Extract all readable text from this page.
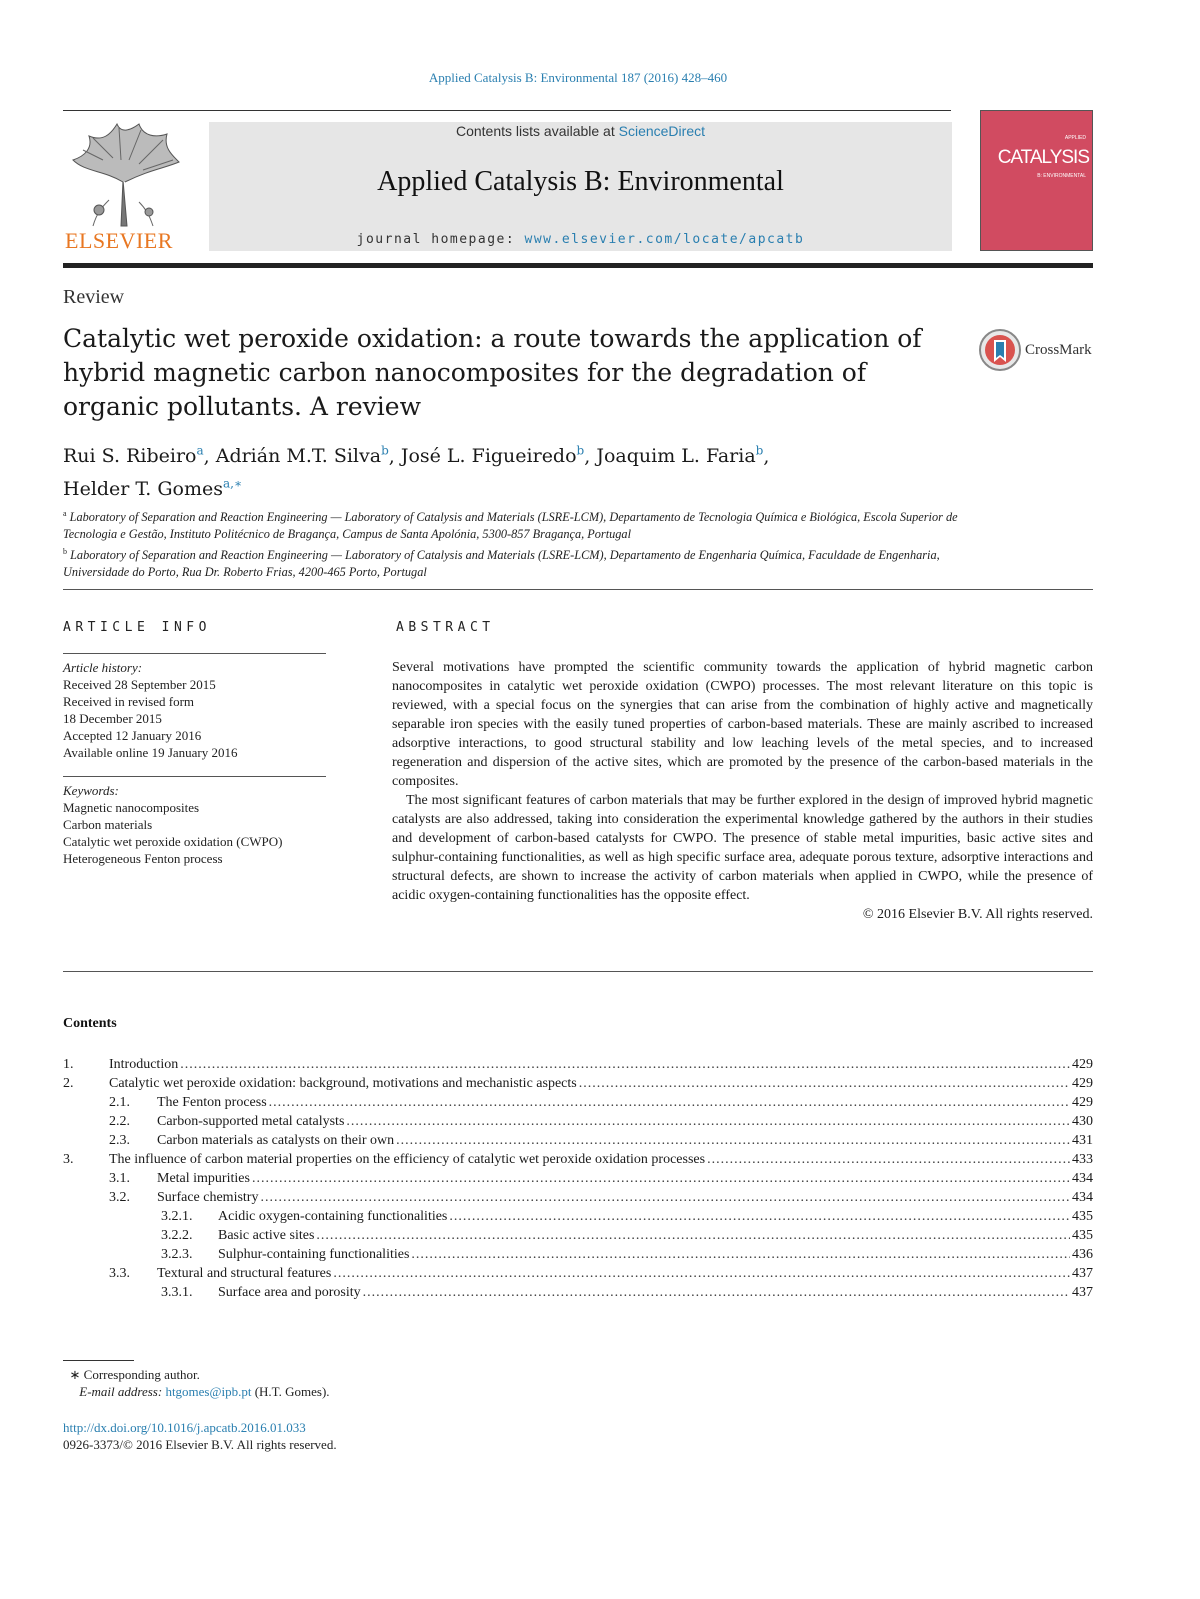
Applied Catalysis B: Environmental 187 (2016) 428–460
ELSEVIER
Contents lists available at ScienceDirect
Applied Catalysis B: Environmental
journal homepage: www.elsevier.com/locate/apcatb
APPLIED
CATALYSIS
B: ENVIRONMENTAL
Review
Catalytic wet peroxide oxidation: a route towards the application of hybrid magnetic carbon nanocomposites for the degradation of organic pollutants. A review
CrossMark
Rui S. Ribeiro$^a$, Adrián M.T. Silva$^b$, José L. Figueiredo$^b$, Joaquim L. Faria$^b$,
Helder T. Gomes$^{a,∗}$
$^a$ Laboratory of Separation and Reaction Engineering — Laboratory of Catalysis and Materials (LSRE-LCM), Departamento de Tecnologia Química e Biológica, Escola Superior de Tecnologia e Gestão, Instituto Politécnico de Bragança, Campus de Santa Apolónia, 5300-857 Bragança, Portugal
$^b$ Laboratory of Separation and Reaction Engineering — Laboratory of Catalysis and Materials (LSRE-LCM), Departamento de Engenharia Química, Faculdade de Engenharia, Universidade do Porto, Rua Dr. Roberto Frias, 4200-465 Porto, Portugal
ARTICLE INFO
Article history:
Received 28 September 2015
Received in revised form
18 December 2015
Accepted 12 January 2016
Available online 19 January 2016
Keywords:
Magnetic nanocomposites
Carbon materials
Catalytic wet peroxide oxidation (CWPO)
Heterogeneous Fenton process
ABSTRACT

Several motivations have prompted the scientific community towards the application of hybrid magnetic carbon nanocomposites in catalytic wet peroxide oxidation (CWPO) processes. The most relevant literature on this topic is reviewed, with a special focus on the synergies that can arise from the combination of highly active and magnetically separable iron species with the easily tuned properties of carbon-based materials. These are mainly ascribed to increased adsorptive interactions, to good structural stability and low leaching levels of the metal species, and to increased regeneration and dispersion of the active sites, which are promoted by the presence of the carbon-based materials in the composites.

The most significant features of carbon materials that may be further explored in the design of improved hybrid magnetic catalysts are also addressed, taking into consideration the experimental knowledge gathered by the authors in their studies and development of carbon-based catalysts for CWPO. The presence of stable metal impurities, basic active sites and sulphur-containing functionalities, as well as high specific surface area, adequate porous texture, adsorptive interactions and structural defects, are shown to increase the activity of carbon materials when applied in CWPO, while the presence of acidic oxygen-containing functionalities has the opposite effect.

© 2016 Elsevier B.V. All rights reserved.
Contents
1.	Introduction .....	429
2.	Catalytic wet peroxide oxidation: background, motivations and mechanistic aspects .....	429
2.1.	The Fenton process .....	429
2.2.	Carbon-supported metal catalysts .....	430
2.3.	Carbon materials as catalysts on their own .....	431
3.	The influence of carbon material properties on the efficiency of catalytic wet peroxide oxidation processes .....	433
3.1.	Metal impurities .....	434
3.2.	Surface chemistry .....	434
3.2.1.	Acidic oxygen-containing functionalities .....	435
3.2.2.	Basic active sites .....	435
3.2.3.	Sulphur-containing functionalities .....	436
3.3.	Textural and structural features .....	437
3.3.1.	Surface area and porosity .....	437
∗ Corresponding author.
E-mail address: htgomes@ipb.pt (H.T. Gomes).
http://dx.doi.org/10.1016/j.apcatb.2016.01.033
0926-3373/© 2016 Elsevier B.V. All rights reserved.
